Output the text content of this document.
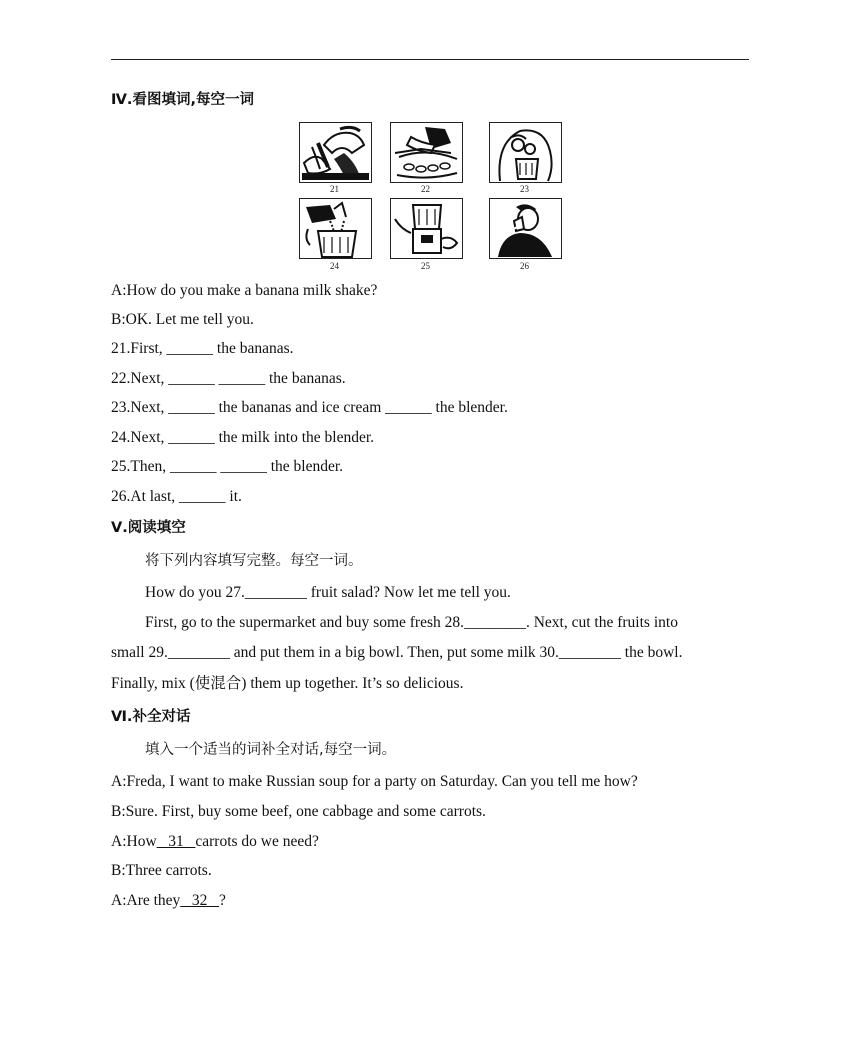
Ⅳ.看图填词,每空一词
21	22	23
24	25	26
A:How do you make a banana milk shake?
B:OK. Let me tell you.
21.First, ______ the bananas.
22.Next, ______ ______ the bananas.
23.Next, ______ the bananas and ice cream ______ the blender.
24.Next, ______ the milk into the blender.
25.Then, ______ ______ the blender.
26.At last, ______ it.
Ⅴ.阅读填空
将下列内容填写完整。每空一词。
How do you 27.________ fruit salad? Now let me tell you.
First, go to the supermarket and buy some fresh 28.________. Next, cut the fruits into
small 29.________ and put them in a big bowl. Then, put some milk 30.________ the bowl.
Finally, mix (使混合) them up together. It’s so delicious.
Ⅵ.补全对话
填入一个适当的词补全对话,每空一词。
A:Freda, I want to make Russian soup for a party on Saturday. Can you tell me how?
B:Sure. First, buy some beef, one cabbage and some carrots.
A:How   31   carrots do we need?
B:Three carrots.
A:Are they   32   ?
